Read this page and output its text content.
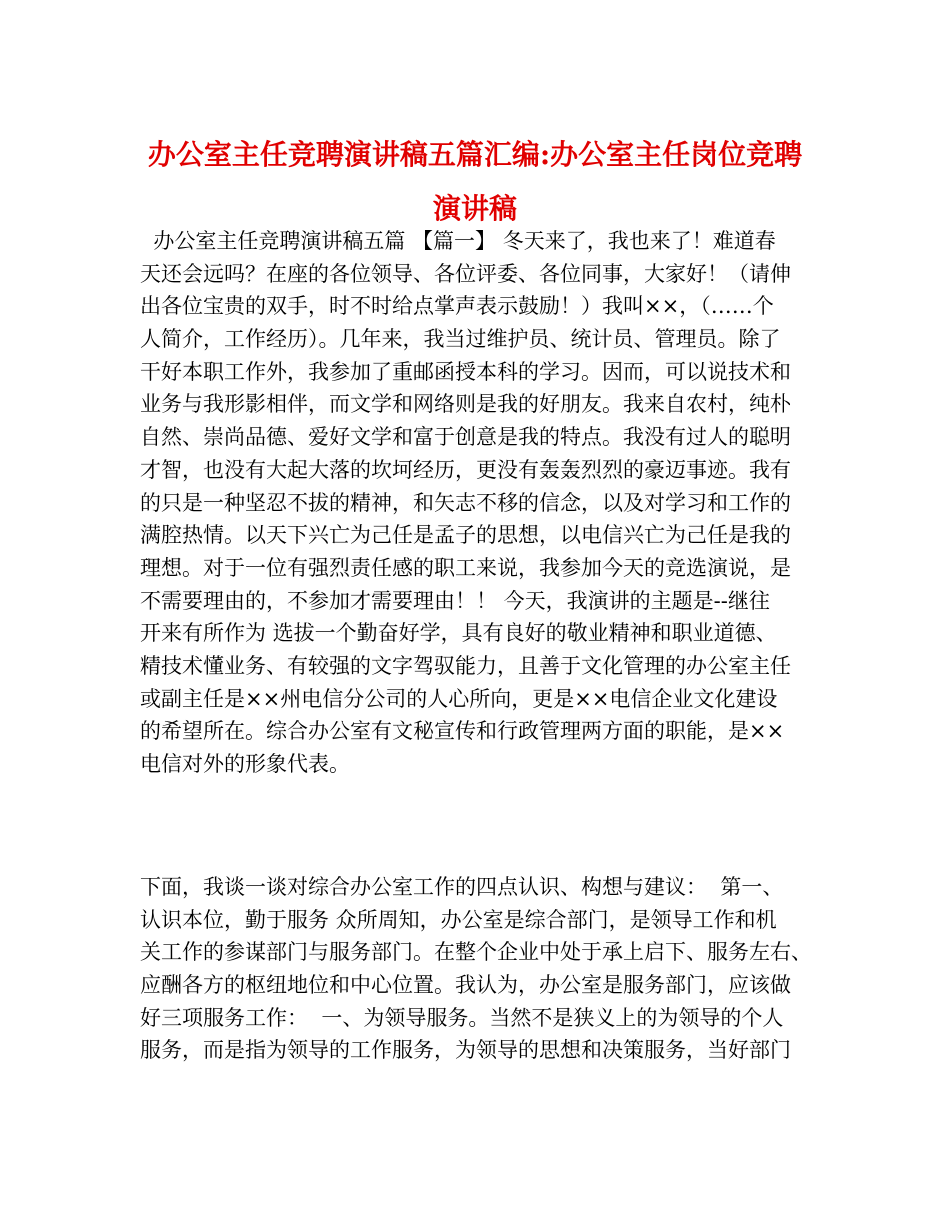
办公室主任竞聘演讲稿五篇汇编:办公室主任岗位竞聘
演讲稿
办公室主任竞聘演讲稿五篇 【篇一】 冬天来了，我也来了！难道春
天还会远吗？在座的各位领导、各位评委、各位同事，大家好！（请伸
出各位宝贵的双手，时不时给点掌声表示鼓励！）我叫××，（……个
人简介，工作经历）。几年来，我当过维护员、统计员、管理员。除了
干好本职工作外，我参加了重邮函授本科的学习。因而，可以说技术和
业务与我形影相伴，而文学和网络则是我的好朋友。我来自农村，纯朴
自然、崇尚品德、爱好文学和富于创意是我的特点。我没有过人的聪明
才智，也没有大起大落的坎坷经历，更没有轰轰烈烈的豪迈事迹。我有
的只是一种坚忍不拔的精神，和矢志不移的信念，以及对学习和工作的
满腔热情。以天下兴亡为己任是孟子的思想，以电信兴亡为己任是我的
理想。对于一位有强烈责任感的职工来说，我参加今天的竞选演说，是
不需要理由的，不参加才需要理由！！ 今天，我演讲的主题是--继往
开来有所作为 选拔一个勤奋好学，具有良好的敬业精神和职业道德、
精技术懂业务、有较强的文字驾驭能力，且善于文化管理的办公室主任
或副主任是××州电信分公司的人心所向，更是××电信企业文化建设
的希望所在。综合办公室有文秘宣传和行政管理两方面的职能，是××
电信对外的形象代表。
下面，我谈一谈对综合办公室工作的四点认识、构想与建议：  第一、
认识本位，勤于服务 众所周知，办公室是综合部门，是领导工作和机
关工作的参谋部门与服务部门。在整个企业中处于承上启下、服务左右、
应酬各方的枢纽地位和中心位置。我认为，办公室是服务部门，应该做
好三项服务工作：  一、为领导服务。当然不是狭义上的为领导的个人
服务，而是指为领导的工作服务，为领导的思想和决策服务，当好部门
